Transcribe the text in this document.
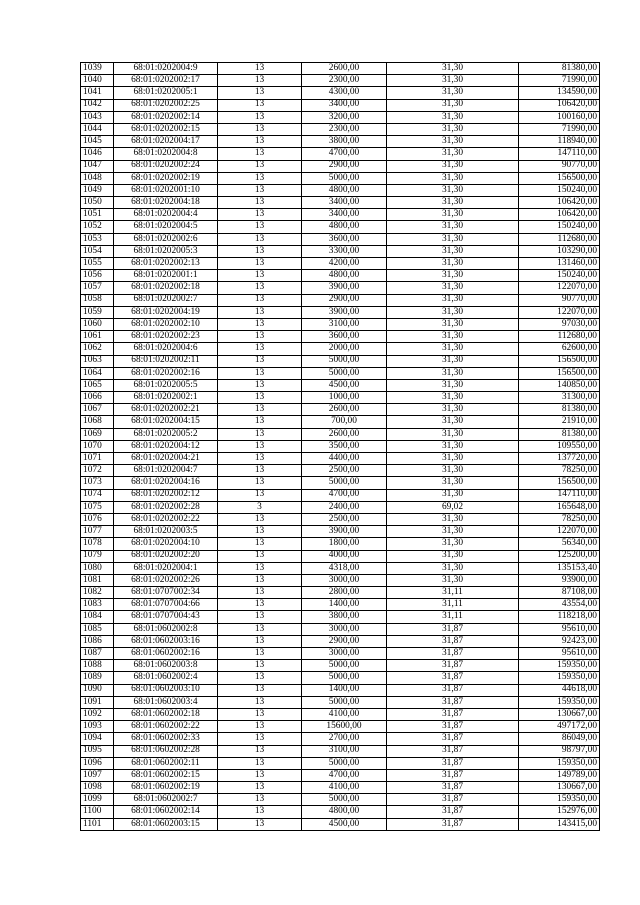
1039	68:01:0202004:9	13	2600,00	31,30	81380,00
1040	68:01:0202002:17	13	2300,00	31,30	71990,00
1041	68:01:0202005:1	13	4300,00	31,30	134590,00
1042	68:01:0202002:25	13	3400,00	31,30	106420,00
1043	68:01:0202002:14	13	3200,00	31,30	100160,00
1044	68:01:0202002:15	13	2300,00	31,30	71990,00
1045	68:01:0202004:17	13	3800,00	31,30	118940,00
1046	68:01:0202004:8	13	4700,00	31,30	147110,00
1047	68:01:0202002:24	13	2900,00	31,30	90770,00
1048	68:01:0202002:19	13	5000,00	31,30	156500,00
1049	68:01:0202001:10	13	4800,00	31,30	150240,00
1050	68:01:0202004:18	13	3400,00	31,30	106420,00
1051	68:01:0202004:4	13	3400,00	31,30	106420,00
1052	68:01:0202004:5	13	4800,00	31,30	150240,00
1053	68:01:0202002:6	13	3600,00	31,30	112680,00
1054	68:01:0202005:3	13	3300,00	31,30	103290,00
1055	68:01:0202002:13	13	4200,00	31,30	131460,00
1056	68:01:0202001:1	13	4800,00	31,30	150240,00
1057	68:01:0202002:18	13	3900,00	31,30	122070,00
1058	68:01:0202002:7	13	2900,00	31,30	90770,00
1059	68:01:0202004:19	13	3900,00	31,30	122070,00
1060	68:01:0202002:10	13	3100,00	31,30	97030,00
1061	68:01:0202002:23	13	3600,00	31,30	112680,00
1062	68:01:0202004:6	13	2000,00	31,30	62600,00
1063	68:01:0202002:11	13	5000,00	31,30	156500,00
1064	68:01:0202002:16	13	5000,00	31,30	156500,00
1065	68:01:0202005:5	13	4500,00	31,30	140850,00
1066	68:01:0202002:1	13	1000,00	31,30	31300,00
1067	68:01:0202002:21	13	2600,00	31,30	81380,00
1068	68:01:0202004:15	13	700,00	31,30	21910,00
1069	68:01:0202005:2	13	2600,00	31,30	81380,00
1070	68:01:0202004:12	13	3500,00	31,30	109550,00
1071	68:01:0202004:21	13	4400,00	31,30	137720,00
1072	68:01:0202004:7	13	2500,00	31,30	78250,00
1073	68:01:0202004:16	13	5000,00	31,30	156500,00
1074	68:01:0202002:12	13	4700,00	31,30	147110,00
1075	68:01:0202002:28	3	2400,00	69,02	165648,00
1076	68:01:0202002:22	13	2500,00	31,30	78250,00
1077	68:01:0202003:5	13	3900,00	31,30	122070,00
1078	68:01:0202004:10	13	1800,00	31,30	56340,00
1079	68:01:0202002:20	13	4000,00	31,30	125200,00
1080	68:01:0202004:1	13	4318,00	31,30	135153,40
1081	68:01:0202002:26	13	3000,00	31,30	93900,00
1082	68:01:0707002:34	13	2800,00	31,11	87108,00
1083	68:01:0707004:66	13	1400,00	31,11	43554,00
1084	68:01:0707004:43	13	3800,00	31,11	118218,00
1085	68:01:0602002:8	13	3000,00	31,87	95610,00
1086	68:01:0602003:16	13	2900,00	31,87	92423,00
1087	68:01:0602002:16	13	3000,00	31,87	95610,00
1088	68:01:0602003:8	13	5000,00	31,87	159350,00
1089	68:01:0602002:4	13	5000,00	31,87	159350,00
1090	68:01:0602003:10	13	1400,00	31,87	44618,00
1091	68:01:0602003:4	13	5000,00	31,87	159350,00
1092	68:01:0602002:18	13	4100,00	31,87	130667,00
1093	68:01:0602002:22	13	15600,00	31,87	497172,00
1094	68:01:0602002:33	13	2700,00	31,87	86049,00
1095	68:01:0602002:28	13	3100,00	31,87	98797,00
1096	68:01:0602002:11	13	5000,00	31,87	159350,00
1097	68:01:0602002:15	13	4700,00	31,87	149789,00
1098	68:01:0602002:19	13	4100,00	31,87	130667,00
1099	68:01:0602002:7	13	5000,00	31,87	159350,00
1100	68:01:0602002:14	13	4800,00	31,87	152976,00
1101	68:01:0602003:15	13	4500,00	31,87	143415,00
